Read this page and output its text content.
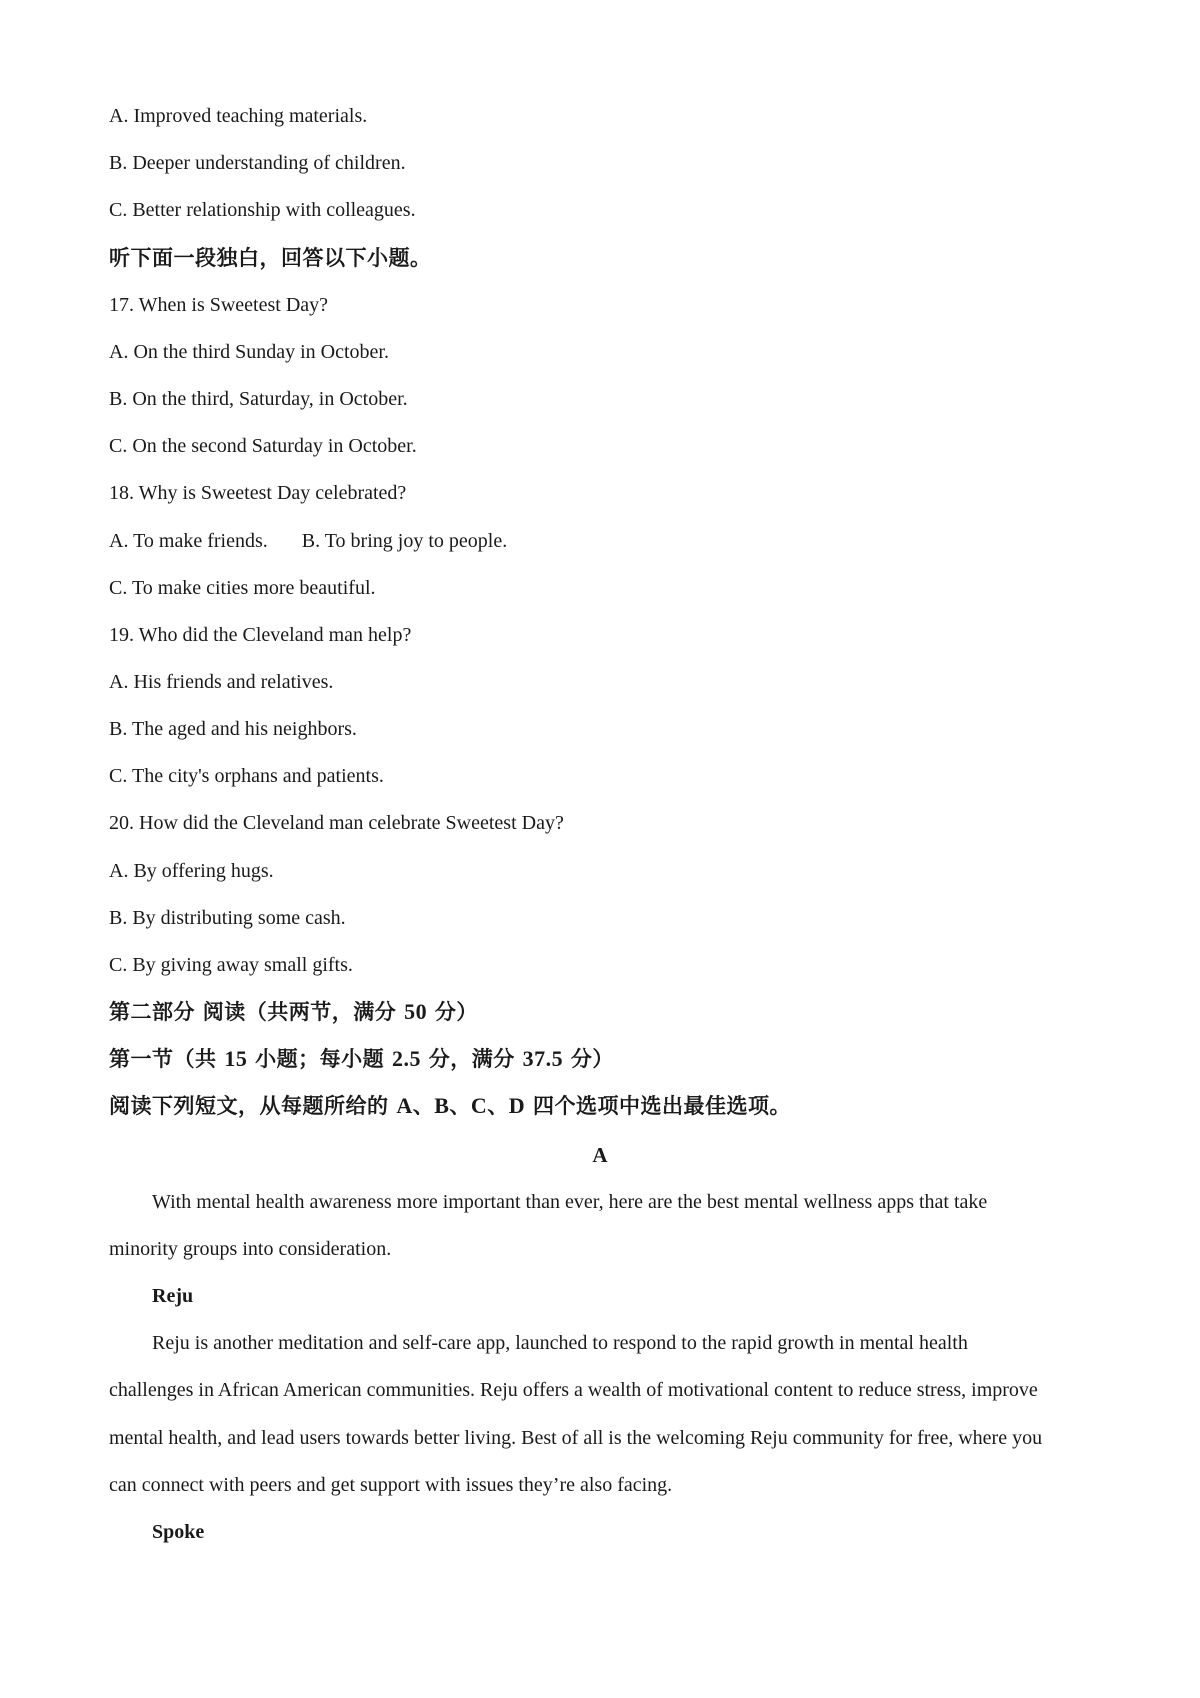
A. Improved teaching materials.
B. Deeper understanding of children.
C. Better relationship with colleagues.
听下面一段独白，回答以下小题。
17. When is Sweetest Day?
A. On the third Sunday in October.
B. On the third, Saturday, in October.
C. On the second Saturday in October.
18. Why is Sweetest Day celebrated?
A. To make friends. B. To bring joy to people.
C. To make cities more beautiful.
19. Who did the Cleveland man help?
A. His friends and relatives.
B. The aged and his neighbors.
C. The city's orphans and patients.
20. How did the Cleveland man celebrate Sweetest Day?
A. By offering hugs.
B. By distributing some cash.
C. By giving away small gifts.
第二部分 阅读（共两节，满分 50 分）
第一节（共 15 小题；每小题 2.5 分，满分 37.5 分）
阅读下列短文，从每题所给的 A、B、C、D 四个选项中选出最佳选项。
A
With mental health awareness more important than ever, here are the best mental wellness apps that take
minority groups into consideration.
Reju
Reju is another meditation and self-care app, launched to respond to the rapid growth in mental health
challenges in African American communities. Reju offers a wealth of motivational content to reduce stress, improve
mental health, and lead users towards better living. Best of all is the welcoming Reju community for free, where you
can connect with peers and get support with issues they’re also facing.
Spoke
